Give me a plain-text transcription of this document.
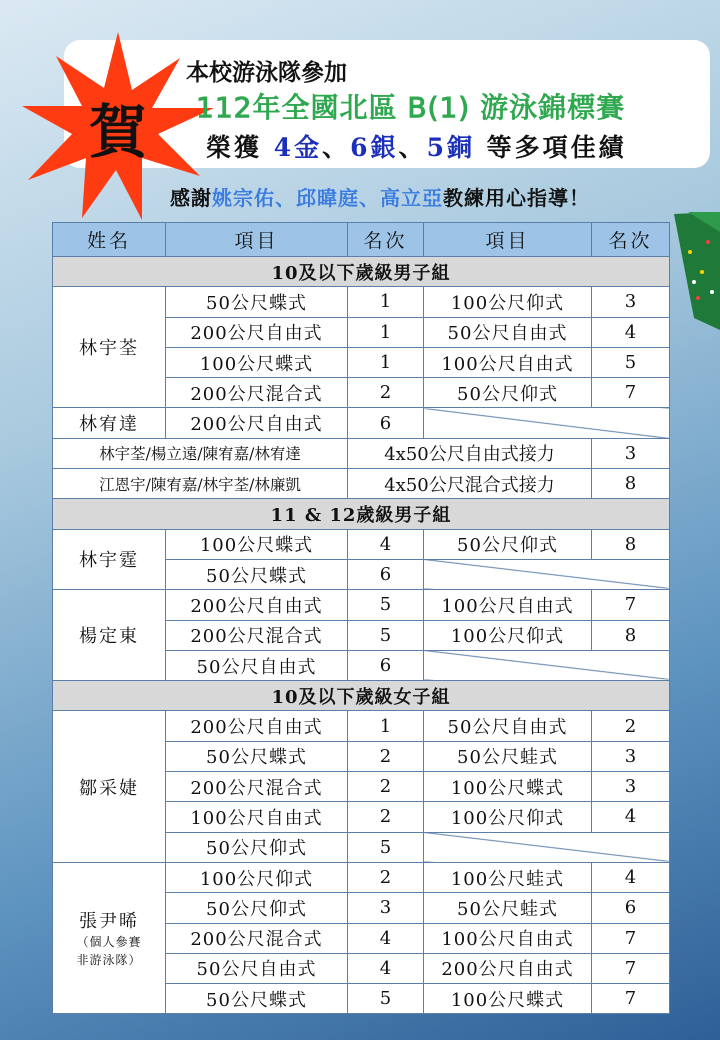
賀
本校游泳隊參加
112年全國北區 B(1) 游泳錦標賽
榮獲 4金、6銀、5銅 等多項佳績
感謝姚宗佑、邱暐庭、高立亞教練用心指導！
姓名	項目	名次	項目	名次
10及以下歲級男子組				
林宇荃	50公尺蝶式	1	100公尺仰式	3
	200公尺自由式	1	50公尺自由式	4
	100公尺蝶式	1	100公尺自由式	5
	200公尺混合式	2	50公尺仰式	7
林宥達	200公尺自由式	6		
林宇荃/楊立遠/陳宥嘉/林宥達		4x50公尺自由式接力		3
江恩宇/陳宥嘉/林宇荃/林廉凱		4x50公尺混合式接力		8
11 & 12歲級男子組				
林宇霆	100公尺蝶式	4	50公尺仰式	8
	50公尺蝶式	6		
楊定東	200公尺自由式	5	100公尺自由式	7
	200公尺混合式	5	100公尺仰式	8
	50公尺自由式	6		
10及以下歲級女子組				
鄒采婕	200公尺自由式	1	50公尺自由式	2
	50公尺蝶式	2	50公尺蛙式	3
	200公尺混合式	2	100公尺蝶式	3
	100公尺自由式	2	100公尺仰式	4
	50公尺仰式	5		
張尹晞
（個人參賽
非游泳隊）	100公尺仰式	2	100公尺蛙式	4
	50公尺仰式	3	50公尺蛙式	6
	200公尺混合式	4	100公尺自由式	7
	50公尺自由式	4	200公尺自由式	7
	50公尺蝶式	5	100公尺蝶式	7
